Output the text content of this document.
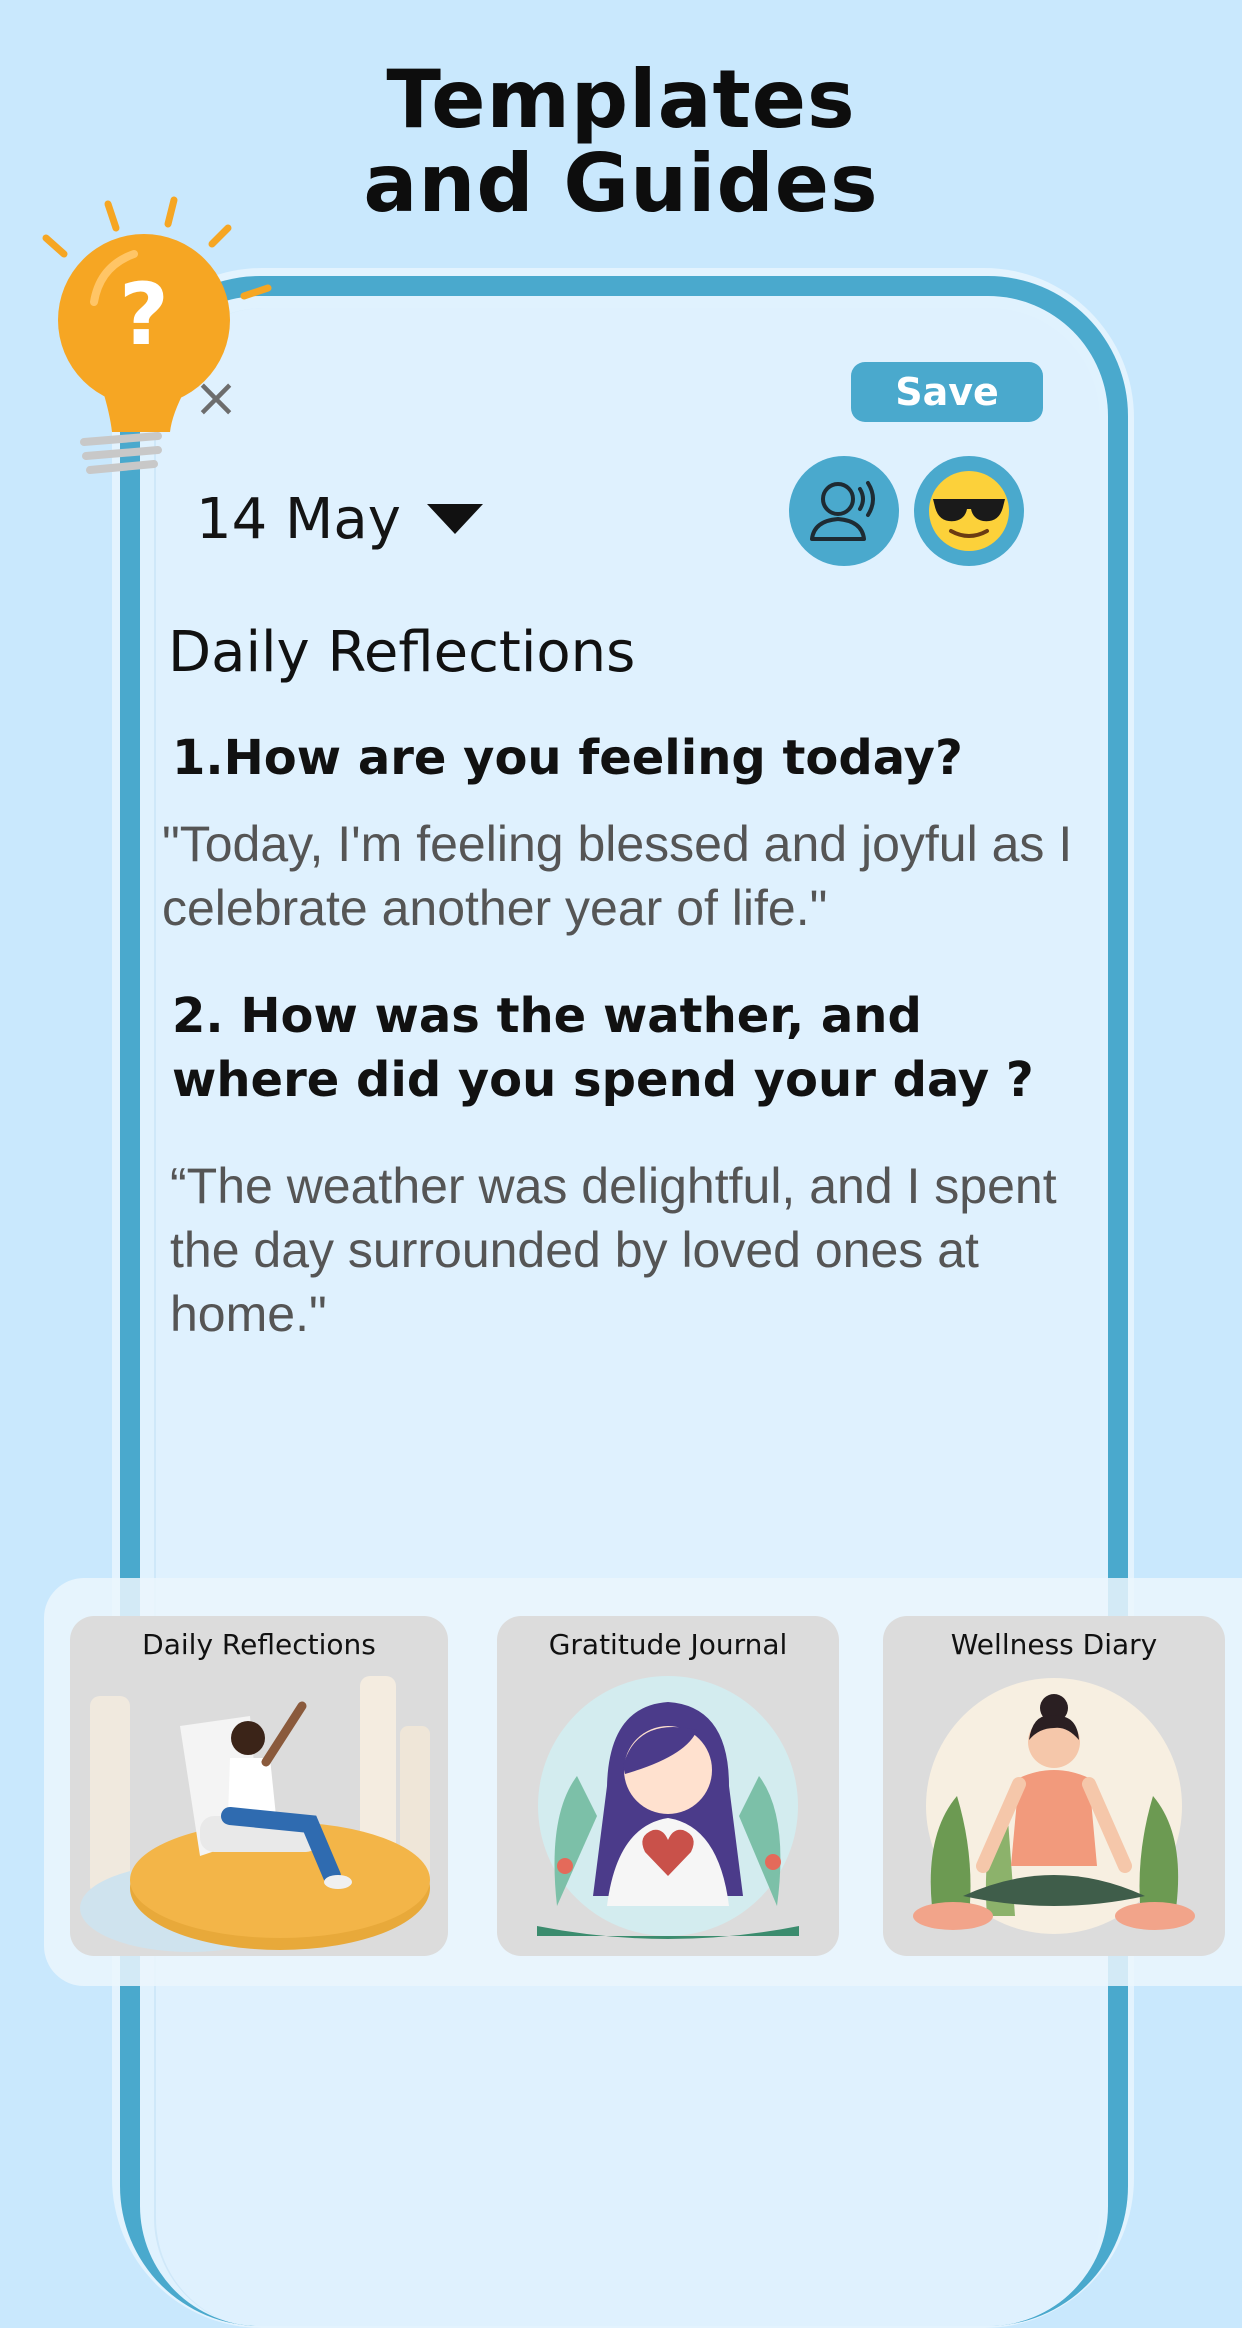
Templates
and Guides
?
×	Save
14 May
Daily Reflections
1.How are you feeling today?
"Today, I'm feeling blessed and joyful as I celebrate another year of life."
2. How was the wather, and where did you spend your day ?
“The weather was delightful, and I spent the day surrounded by loved ones at home."
Daily Reflections	Gratitude Journal	Wellness Diary
